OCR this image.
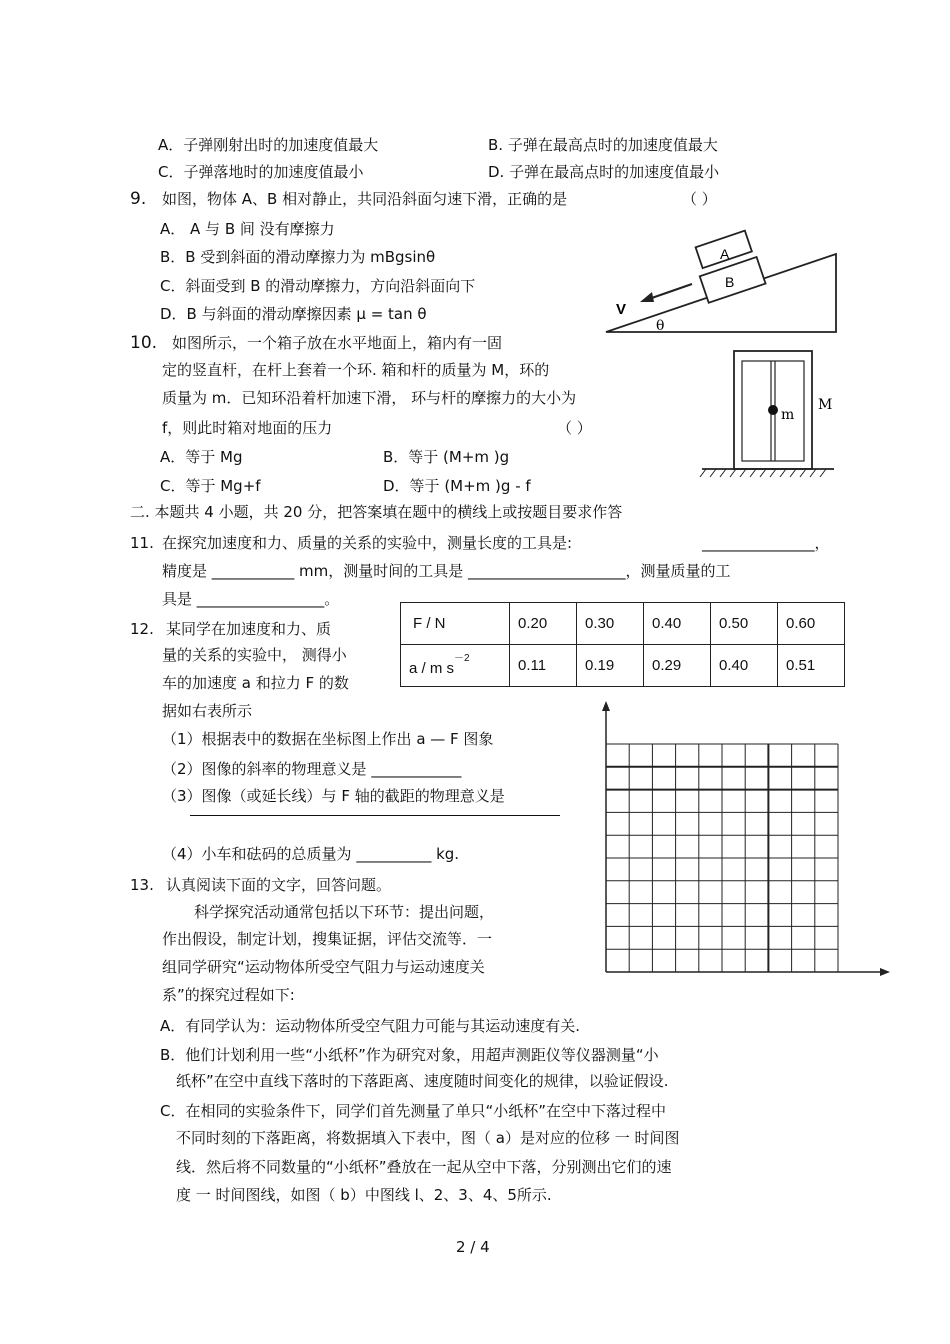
A．子弹刚射出时的加速度值最大	B. 子弹在最高点时的加速度值最大
C．子弹落地时的加速度值最小	D. 子弹在最高点时的加速度值最小
9. 如图，物体 A、B 相对静止，共同沿斜面匀速下滑，正确的是	（ ）
A． A 与 B 间 没有摩擦力
B．B 受到斜面的滑动摩擦力为 mBgsinθ
C．斜面受到 B 的滑动摩擦力，方向沿斜面向下
D．B 与斜面的滑动摩擦因素 μ = tan θ
A
B
V
θ
10. 如图所示，一个箱子放在水平地面上，箱内有一固
定的竖直杆，在杆上套着一个环. 箱和杆的质量为 M，环的
质量为 m．已知环沿着杆加速下滑， 环与杆的摩擦力的大小为
f，则此时箱对地面的压力	（ ）
A．等于 Mg	B．等于 (M+m )g
C．等于 Mg+f	D．等于 (M+m )g - f
m
M
二. 本题共 4 小题，共 20 分，把答案填在题中的横线上或按题目要求作答
11. 在探究加速度和力、质量的关系的实验中，测量长度的工具是:	_______________，
精度是 ___________ mm，测量时间的工具是 _____________________，测量质量的工
具是 _________________。
12. 某同学在加速度和力、质
量的关系的实验中， 测得小
车的加速度 a 和拉力 F 的数
据如右表所示
（1）根据表中的数据在坐标图上作出 a — F 图象
（2）图像的斜率的物理意义是 ____________
（3）图像（或延长线）与 F 轴的截距的物理意义是
（4）小车和砝码的总质量为 __________ kg.
F / N	0.20	0.30	0.40	0.50	0.60
a / m $s^{-2}$	0.11	0.19	0.29	0.40	0.51
13. 认真阅读下面的文字，回答问题。
科学探究活动通常包括以下环节：提出问题，
作出假设，制定计划，搜集证据，评估交流等．一
组同学研究“运动物体所受空气阻力与运动速度关
系”的探究过程如下:
A．有同学认为：运动物体所受空气阻力可能与其运动速度有关.
B．他们计划利用一些“小纸杯”作为研究对象，用超声测距仪等仪器测量“小
纸杯”在空中直线下落时的下落距离、速度随时间变化的规律，以验证假设.
C．在相同的实验条件下，同学们首先测量了单只“小纸杯”在空中下落过程中
不同时刻的下落距离，将数据填入下表中，图（ a）是对应的位移 一 时间图
线．然后将不同数量的“小纸杯”叠放在一起从空中下落，分别测出它们的速
度 一 时间图线，如图（ b）中图线 l、2、3、4、5所示.
2 / 4
